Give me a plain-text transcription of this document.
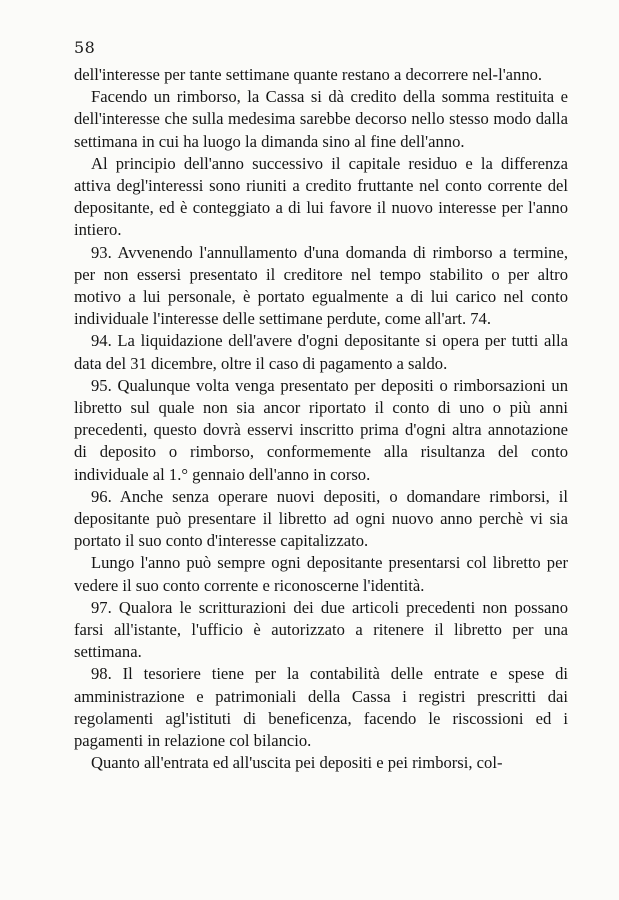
58

dell'interesse per tante settimane quante restano a decorrere nel-l'anno.

Facendo un rimborso, la Cassa si dà credito della somma restituita e dell'interesse che sulla medesima sarebbe decorso nello stesso modo dalla settimana in cui ha luogo la dimanda sino al fine dell'anno.

Al principio dell'anno successivo il capitale residuo e la differenza attiva degl'interessi sono riuniti a credito fruttante nel conto corrente del depositante, ed è conteggiato a di lui favore il nuovo interesse per l'anno intiero.

93. Avvenendo l'annullamento d'una domanda di rimborso a termine, per non essersi presentato il creditore nel tempo stabilito o per altro motivo a lui personale, è portato egualmente a di lui carico nel conto individuale l'interesse delle settimane perdute, come all'art. 74.

94. La liquidazione dell'avere d'ogni depositante si opera per tutti alla data del 31 dicembre, oltre il caso di pagamento a saldo.

95. Qualunque volta venga presentato per depositi o rimborsazioni un libretto sul quale non sia ancor riportato il conto di uno o più anni precedenti, questo dovrà esservi inscritto prima d'ogni altra annotazione di deposito o rimborso, conformemente alla risultanza del conto individuale al 1.° gennaio dell'anno in corso.

96. Anche senza operare nuovi depositi, o domandare rimborsi, il depositante può presentare il libretto ad ogni nuovo anno perchè vi sia portato il suo conto d'interesse capitalizzato.

Lungo l'anno può sempre ogni depositante presentarsi col libretto per vedere il suo conto corrente e riconoscerne l'identità.

97. Qualora le scritturazioni dei due articoli precedenti non possano farsi all'istante, l'ufficio è autorizzato a ritenere il libretto per una settimana.

98. Il tesoriere tiene per la contabilità delle entrate e spese di amministrazione e patrimoniali della Cassa i registri prescritti dai regolamenti agl'istituti di beneficenza, facendo le riscossioni ed i pagamenti in relazione col bilancio.

Quanto all'entrata ed all'uscita pei depositi e pei rimborsi, col-
